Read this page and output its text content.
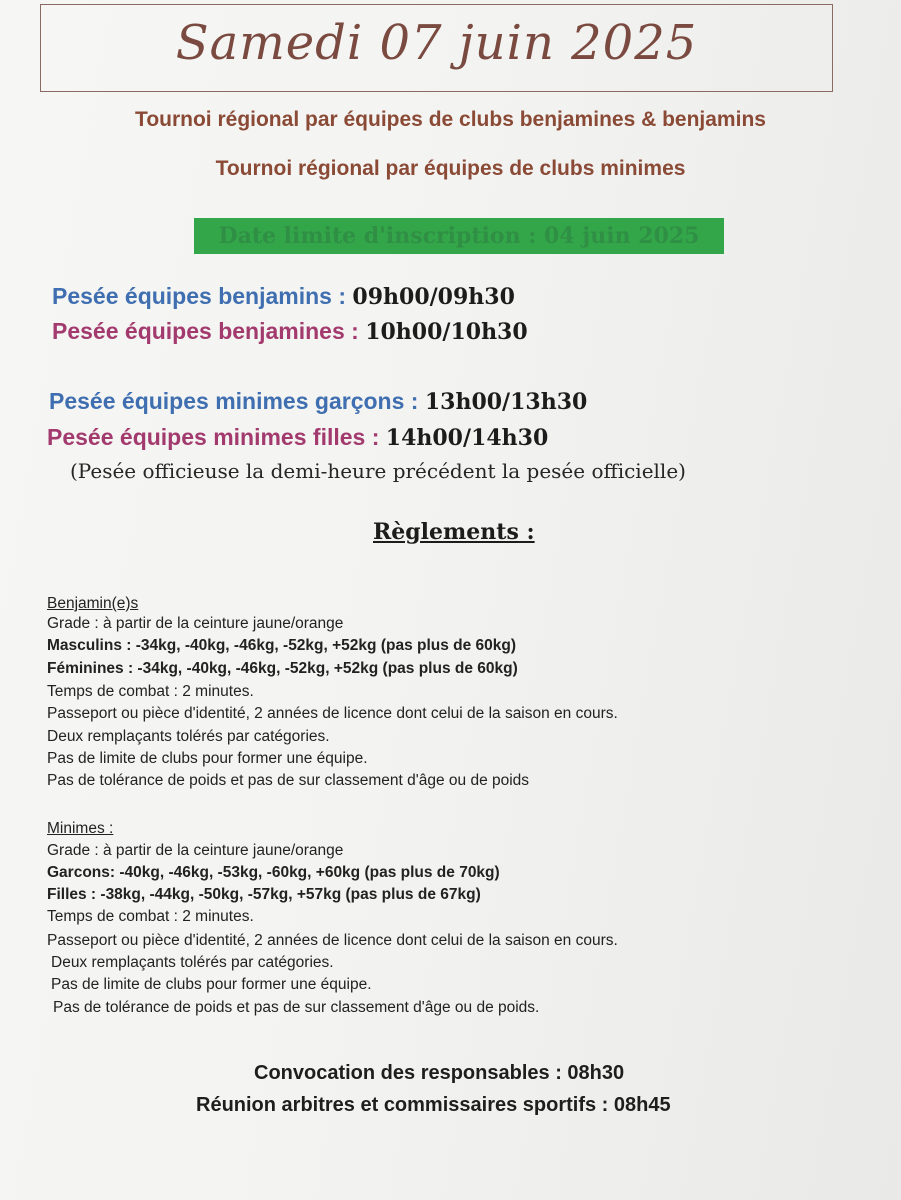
Samedi 07 juin 2025
Tournoi régional par équipes de clubs benjamines & benjamins
Tournoi régional par équipes de clubs minimes
Date limite d'inscription : 04 juin 2025
Pesée équipes benjamins : 09h00/09h30
Pesée équipes benjamines : 10h00/10h30
Pesée équipes minimes garçons : 13h00/13h30
Pesée équipes minimes filles : 14h00/14h30
(Pesée officieuse la demi-heure précédent la pesée officielle)
Règlements :
Benjamin(e)s
Grade : à partir de la ceinture jaune/orange
Masculins : -34kg, -40kg, -46kg, -52kg, +52kg (pas plus de 60kg)
Féminines : -34kg, -40kg, -46kg, -52kg, +52kg (pas plus de 60kg)
Temps de combat : 2 minutes.
Passeport ou pièce d'identité, 2 années de licence dont celui de la saison en cours.
Deux remplaçants tolérés par catégories.
Pas de limite de clubs pour former une équipe.
Pas de tolérance de poids et pas de sur classement d'âge ou de poids
Minimes :
Grade : à partir de la ceinture jaune/orange
Garcons: -40kg, -46kg, -53kg, -60kg, +60kg (pas plus de 70kg)
Filles : -38kg, -44kg, -50kg, -57kg, +57kg (pas plus de 67kg)
Temps de combat : 2 minutes.
Passeport ou pièce d'identité, 2 années de licence dont celui de la saison en cours.
Deux remplaçants tolérés par catégories.
Pas de limite de clubs pour former une équipe.
Pas de tolérance de poids et pas de sur classement d'âge ou de poids.
Convocation des responsables : 08h30
Réunion arbitres et commissaires sportifs : 08h45
